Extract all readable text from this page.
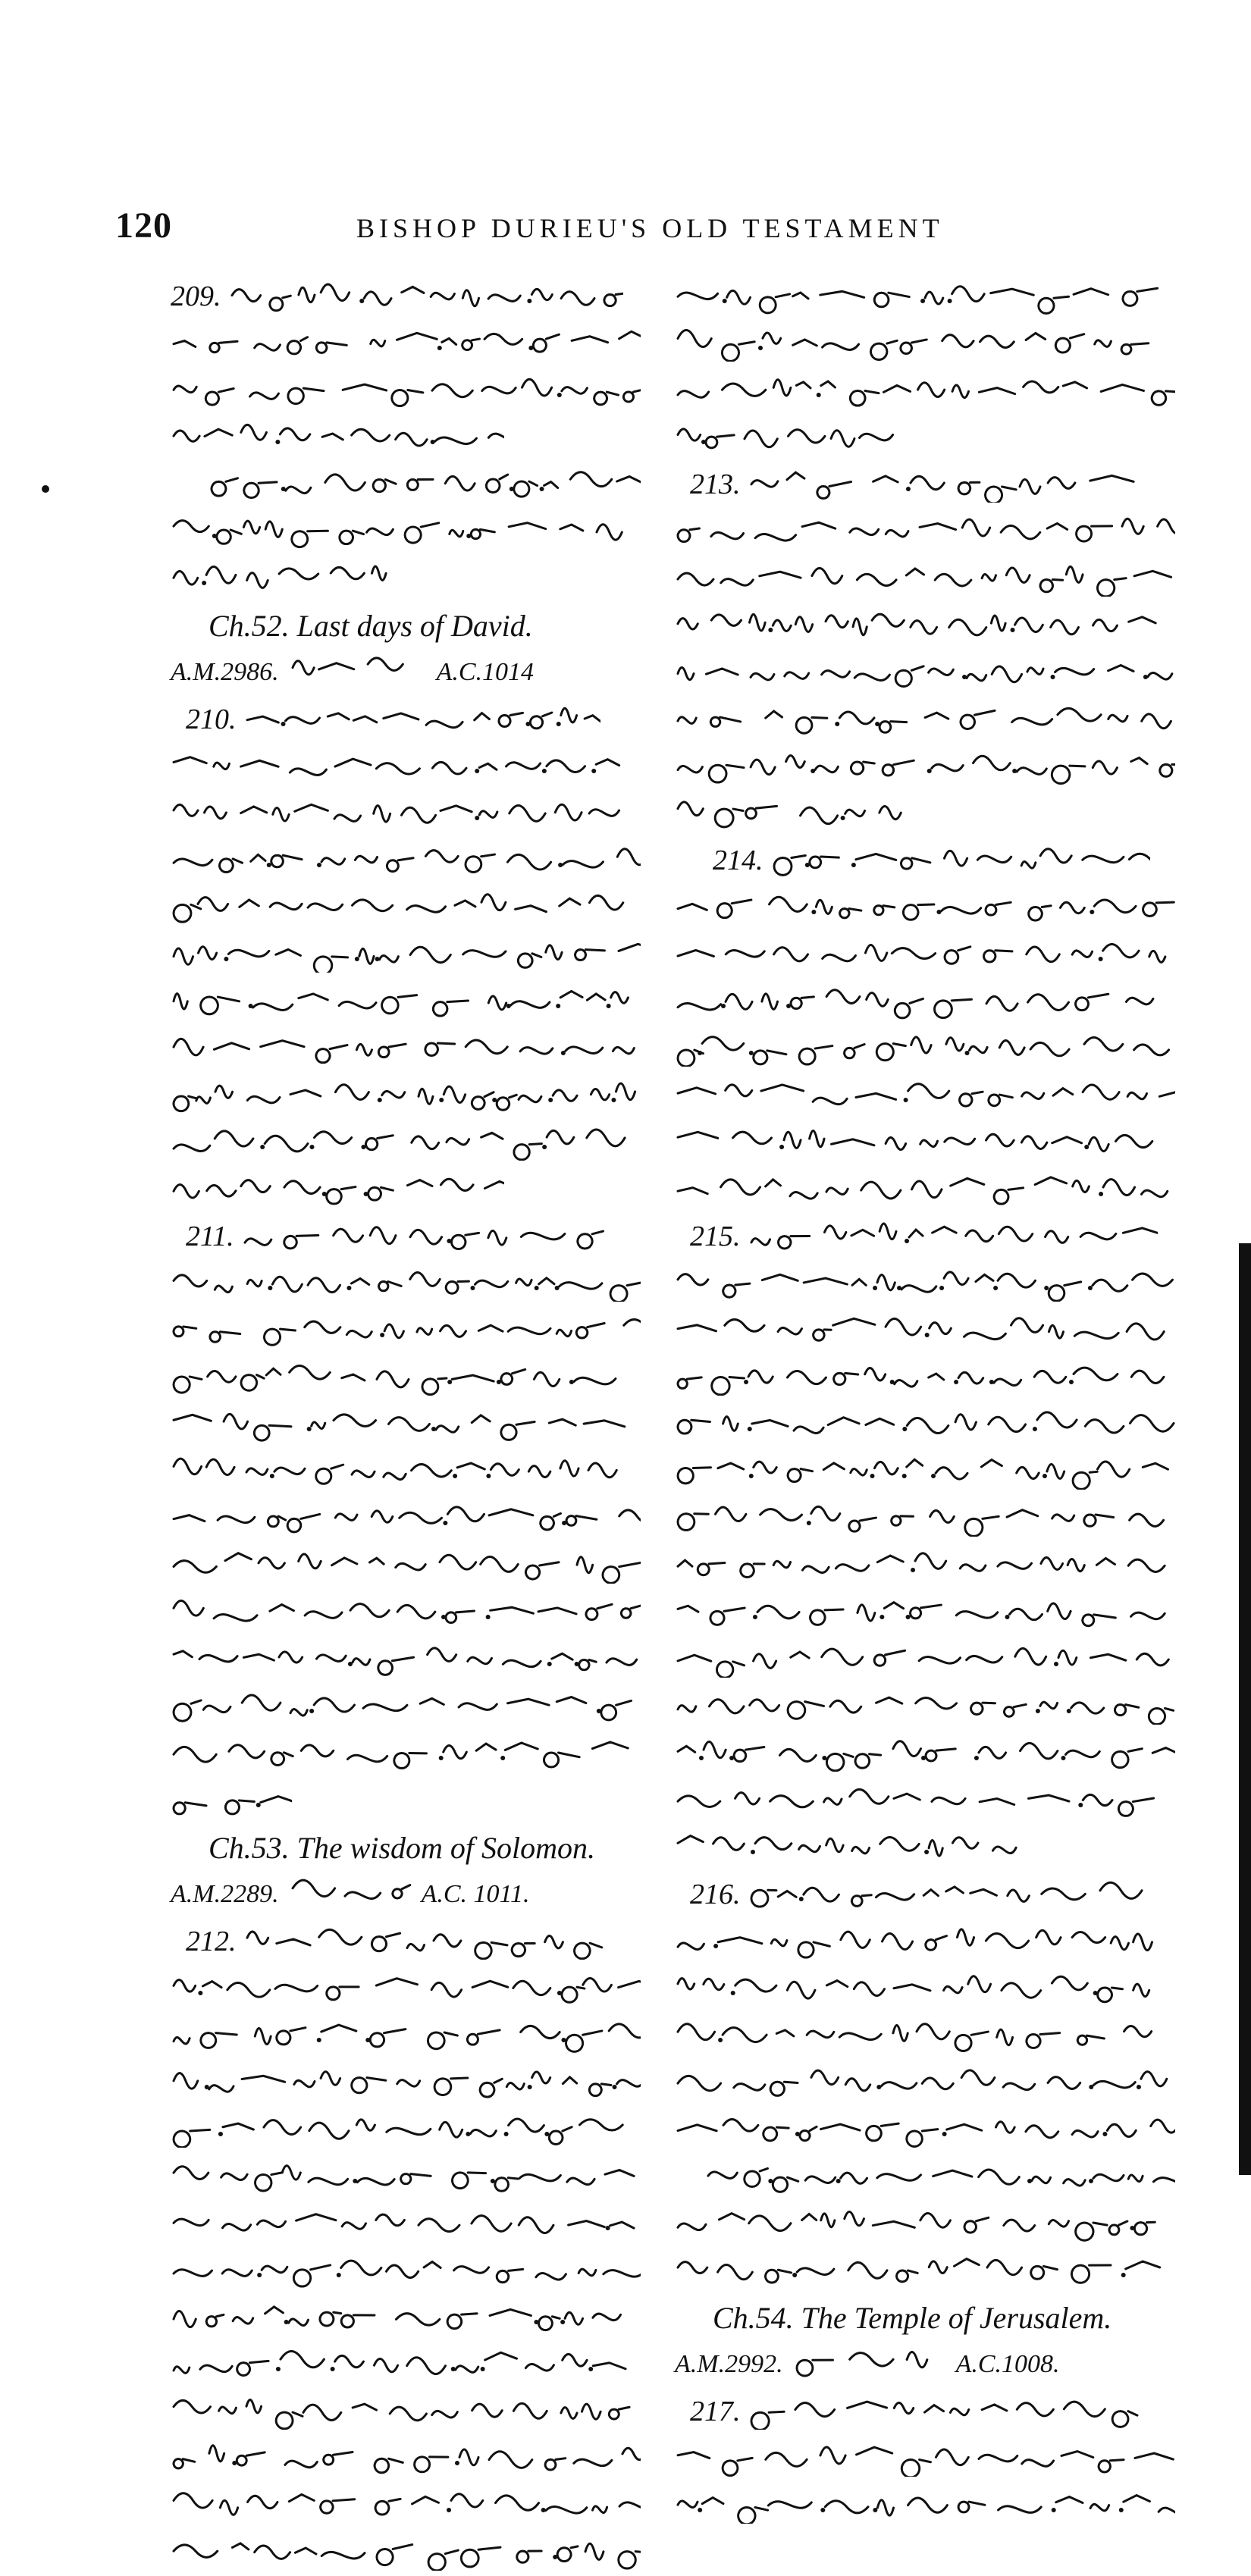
120	BISHOP DURIEU'S OLD TESTAMENT
209.
Ch.52. Last days of David.
A.M.2986.	A.C.1014
210.
211.
Ch.53. The wisdom of Solomon.
A.M.2289.	A.C. 1011.
212.
213.
214.
215.
216.
Ch.54. The Temple of Jerusalem.
A.M.2992.	A.C.1008.
217.
